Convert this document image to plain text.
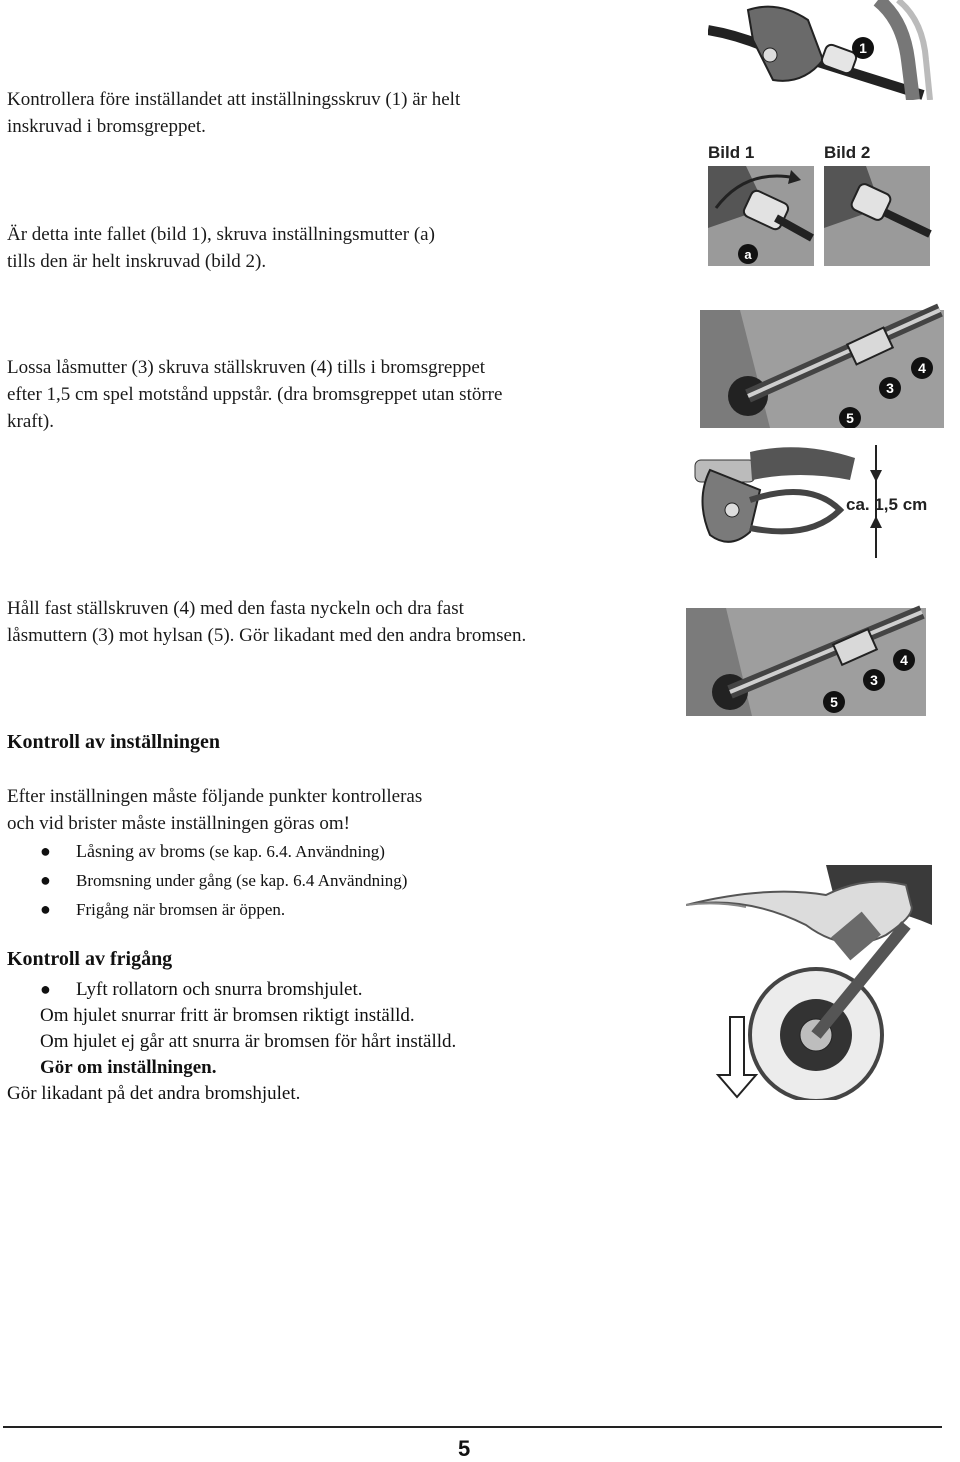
Kontrollera före inställandet att inställningsskruv (1) är helt
inskruvad i bromsgreppet.

Är detta inte fallet (bild 1), skruva inställningsmutter (a)
tills den är helt inskruvad (bild 2).

Lossa låsmutter (3) skruva ställskruven (4) tills i bromsgreppet
efter 1,5 cm spel motstånd uppstår. (dra bromsgreppet utan större
kraft).

Håll fast ställskruven (4) med den fasta nyckeln och dra fast
låsmuttern (3) mot hylsan (5). Gör likadant med den andra bromsen.

Kontroll av inställningen

Efter inställningen måste följande punkter kontrolleras
och vid brister måste inställningen göras om!

● Låsning av broms (se kap. 6.4. Användning)
● Bromsning under gång (se kap. 6.4 Användning)
● Frigång när bromsen är öppen.
Kontroll av frigång
● Lyft rollatorn och snurra bromshjulet.
Om hjulet snurrar fritt är bromsen riktigt inställd.
Om hjulet ej går att snurra är bromsen för hårt inställd.
Gör om inställningen.
Gör likadant på det andra bromshjulet.
1
Bild 1	Bild 2
a
5
3
4
ca. 1,5 cm
5
3
4
5
